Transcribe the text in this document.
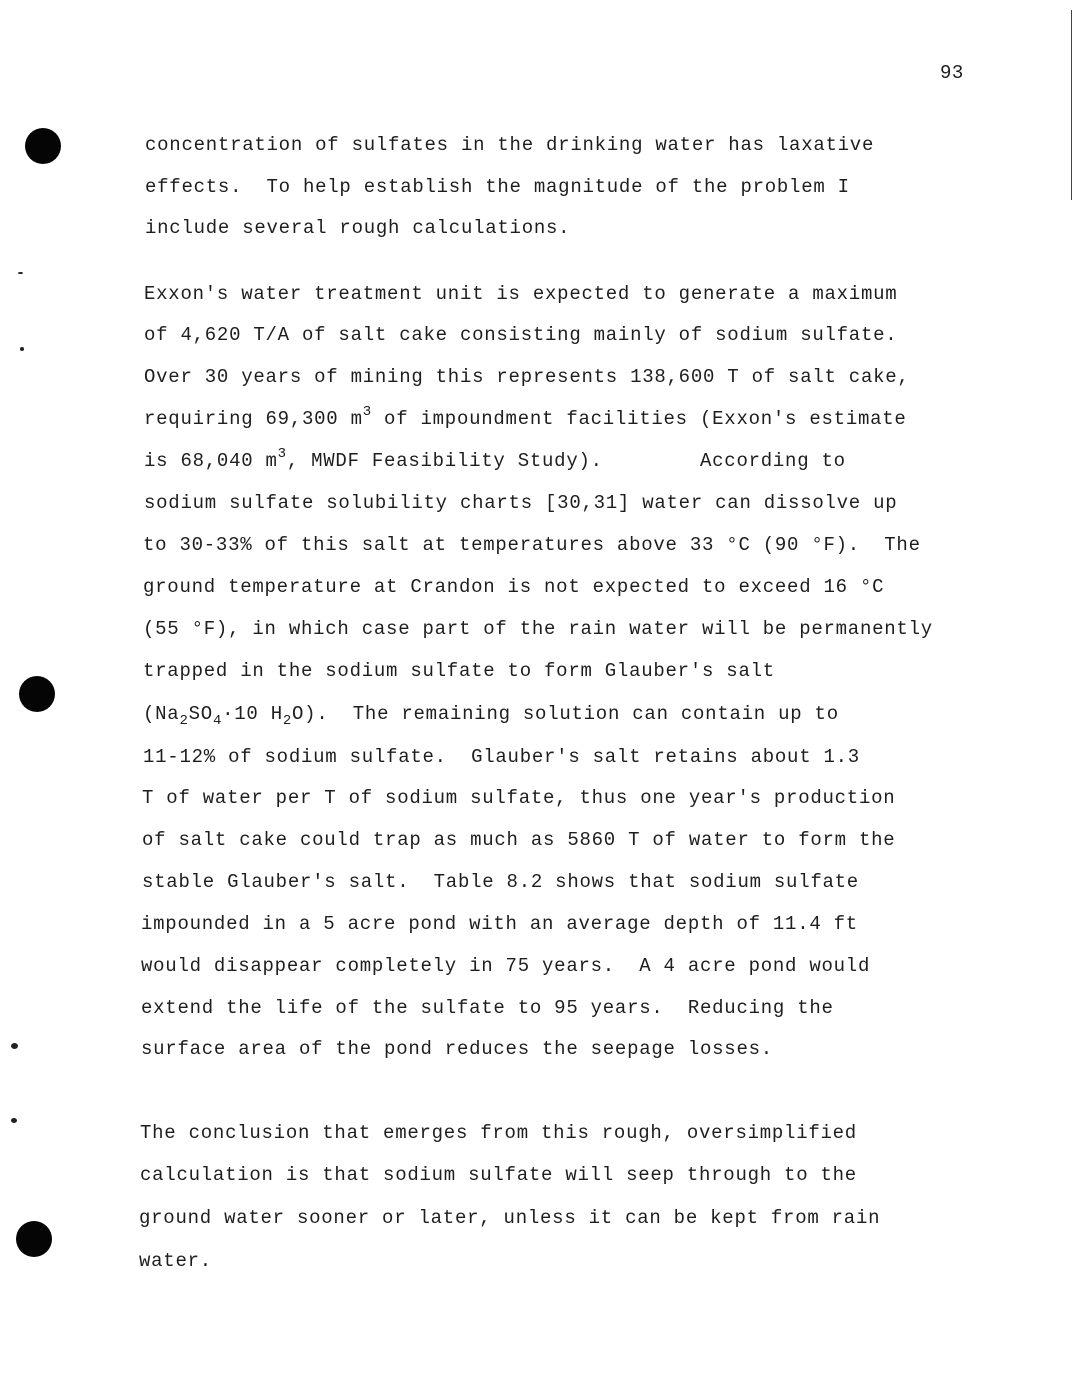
93
concentration of sulfates in the drinking water has laxative
effects.  To help establish the magnitude of the problem I
include several rough calculations.
Exxon's water treatment unit is expected to generate a maximum
of 4,620 T/A of salt cake consisting mainly of sodium sulfate.
Over 30 years of mining this represents 138,600 T of salt cake,
requiring 69,300 $m^3$ of impoundment facilities (Exxon's estimate
is 68,040 $m^3$, MWDF Feasibility Study).        According to
sodium sulfate solubility charts [30,31] water can dissolve up
to 30-33% of this salt at temperatures above 33 °C (90 °F).  The
ground temperature at Crandon is not expected to exceed 16 °C
(55 °F), in which case part of the rain water will be permanently
trapped in the sodium sulfate to form Glauber's salt
($Na_2SO_4\cdot 10$ $H_2O$).  The remaining solution can contain up to
11-12% of sodium sulfate.  Glauber's salt retains about 1.3
T of water per T of sodium sulfate, thus one year's production
of salt cake could trap as much as 5860 T of water to form the
stable Glauber's salt.  Table 8.2 shows that sodium sulfate
impounded in a 5 acre pond with an average depth of 11.4 ft
would disappear completely in 75 years.  A 4 acre pond would
extend the life of the sulfate to 95 years.  Reducing the
surface area of the pond reduces the seepage losses.
The conclusion that emerges from this rough, oversimplified
calculation is that sodium sulfate will seep through to the
ground water sooner or later, unless it can be kept from rain
water.
